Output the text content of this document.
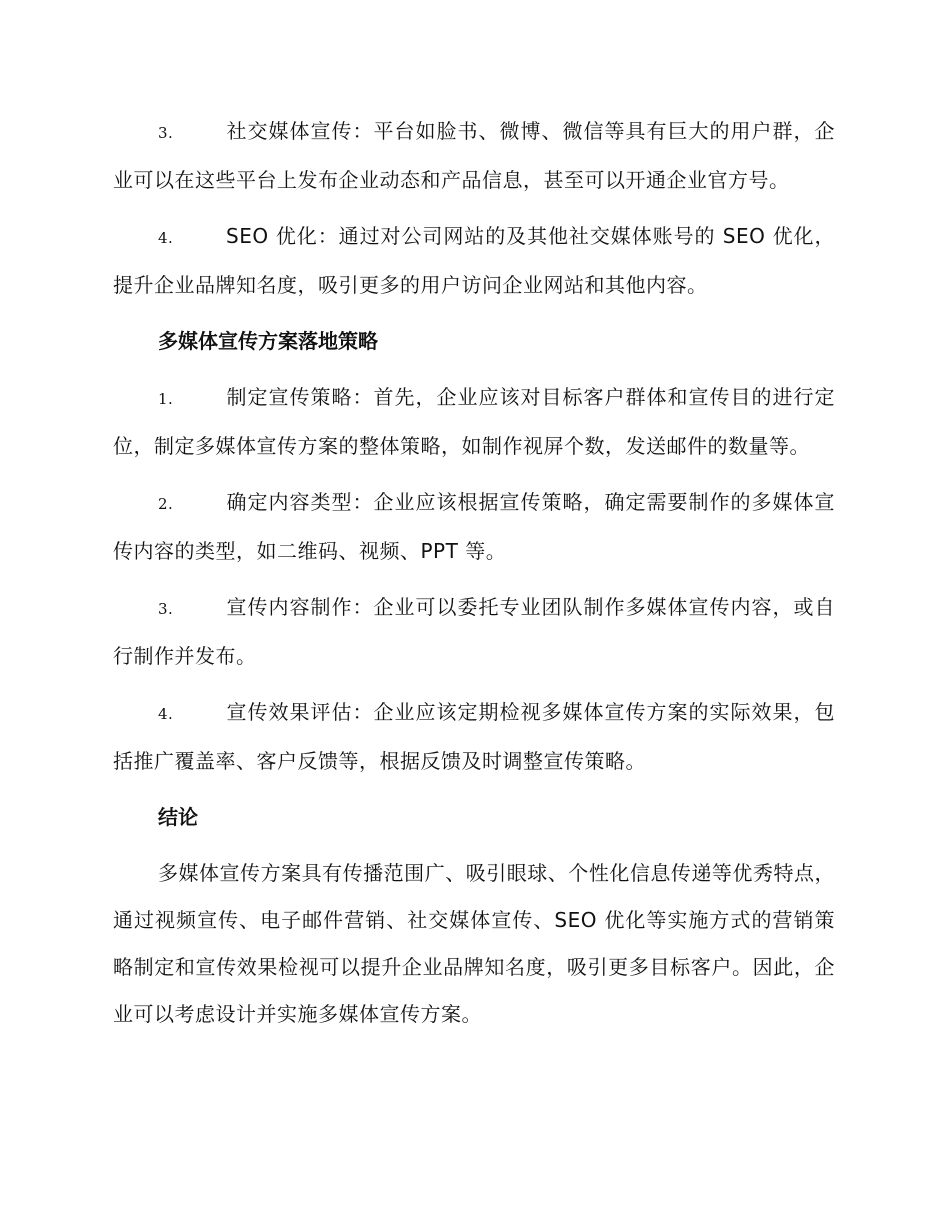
3.	社交媒体宣传：平台如脸书、微博、微信等具有巨大的用户群，企业可以在这些平台上发布企业动态和产品信息，甚至可以开通企业官方号。

4.	SEO 优化：通过对公司网站的及其他社交媒体账号的 SEO 优化，提升企业品牌知名度，吸引更多的用户访问企业网站和其他内容。

多媒体宣传方案落地策略

1.	制定宣传策略：首先，企业应该对目标客户群体和宣传目的进行定位，制定多媒体宣传方案的整体策略，如制作视屏个数，发送邮件的数量等。

2.	确定内容类型：企业应该根据宣传策略，确定需要制作的多媒体宣传内容的类型，如二维码、视频、PPT 等。

3.	宣传内容制作：企业可以委托专业团队制作多媒体宣传内容，或自行制作并发布。

4.	宣传效果评估：企业应该定期检视多媒体宣传方案的实际效果，包括推广覆盖率、客户反馈等，根据反馈及时调整宣传策略。

结论

多媒体宣传方案具有传播范围广、吸引眼球、个性化信息传递等优秀特点，通过视频宣传、电子邮件营销、社交媒体宣传、SEO 优化等实施方式的营销策略制定和宣传效果检视可以提升企业品牌知名度，吸引更多目标客户。因此，企业可以考虑设计并实施多媒体宣传方案。
